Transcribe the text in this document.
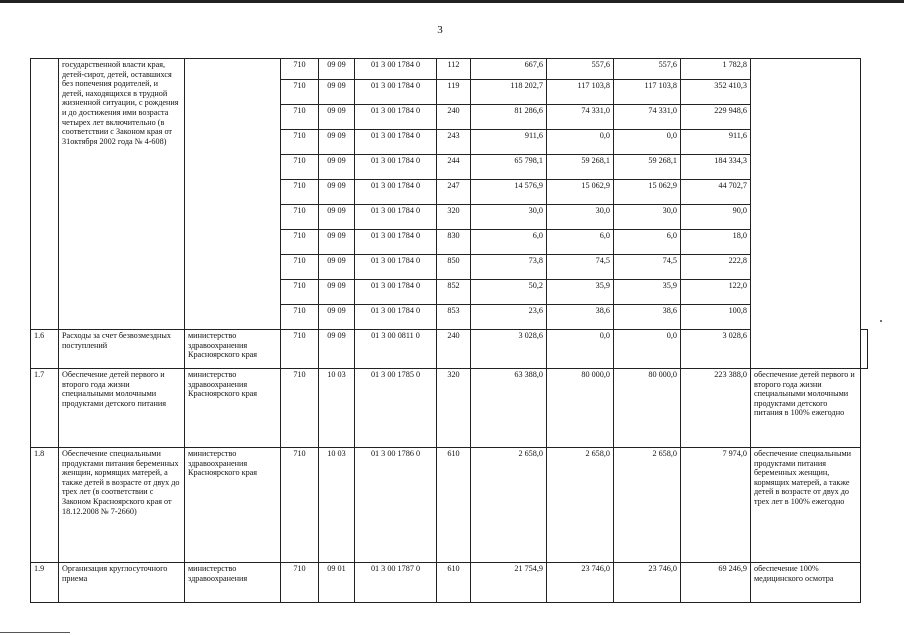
3
	государственной власти края, детей-сирот, детей, оставшихся без попечения родителей, и детей, находящихся в трудной жизненной ситуации, с рождения и до достижения ими возраста четырех лет включительно (в соответствии с Законом края от 31октября 2002 года № 4-608)		710	09 09	01 3 00 1784 0	112	667,6	557,6	557,6	1 782,8		
			710	09 09	01 3 00 1784 0	119	118 202,7	117 103,8	117 103,8	352 410,3		
			710	09 09	01 3 00 1784 0	240	81 286,6	74 331,0	74 331,0	229 948,6		
			710	09 09	01 3 00 1784 0	243	911,6	0,0	0,0	911,6		
			710	09 09	01 3 00 1784 0	244	65 798,1	59 268,1	59 268,1	184 334,3		
			710	09 09	01 3 00 1784 0	247	14 576,9	15 062,9	15 062,9	44 702,7		
			710	09 09	01 3 00 1784 0	320	30,0	30,0	30,0	90,0		
			710	09 09	01 3 00 1784 0	830	6,0	6,0	6,0	18,0		
			710	09 09	01 3 00 1784 0	850	73,8	74,5	74,5	222,8		
			710	09 09	01 3 00 1784 0	852	50,2	35,9	35,9	122,0		
			710	09 09	01 3 00 1784 0	853	23,6	38,6	38,6	100,8		
1.6	Расходы за счет безвозмездных поступлений	министерство здравоохранения Красноярского края	710	09 09	01 3 00 0811 0	240	3 028,6	0,0	0,0	3 028,6		
1.7	Обеспечение детей первого и второго года жизни специальными молочными продуктами детского питания	министерство здравоохранения Красноярского края	710	10 03	01 3 00 1785 0	320	63 388,0	80 000,0	80 000,0	223 388,0	обеспечение детей первого и второго года жизни специальными молочными продуктами детского питания в 100% ежегодно	
1.8	Обеспечение специальными продуктами питания беременных женщин, кормящих матерей, а также детей в возрасте от двух до трех лет (в соответствии с Законом Красноярского края от 18.12.2008 № 7-2660)	министерство здравоохранения Красноярского края	710	10 03	01 3 00 1786 0	610	2 658,0	2 658,0	2 658,0	7 974,0	обеспечение специальными продуктами питания беременных женщин, кормящих матерей, а также детей в возрасте от двух до трех лет в 100% ежегодно	
1.9	Организация круглосуточного приема	министерство здравоохранения	710	09 01	01 3 00 1787 0	610	21 754,9	23 746,0	23 746,0	69 246,9	обеспечение 100% медицинского осмотра	
